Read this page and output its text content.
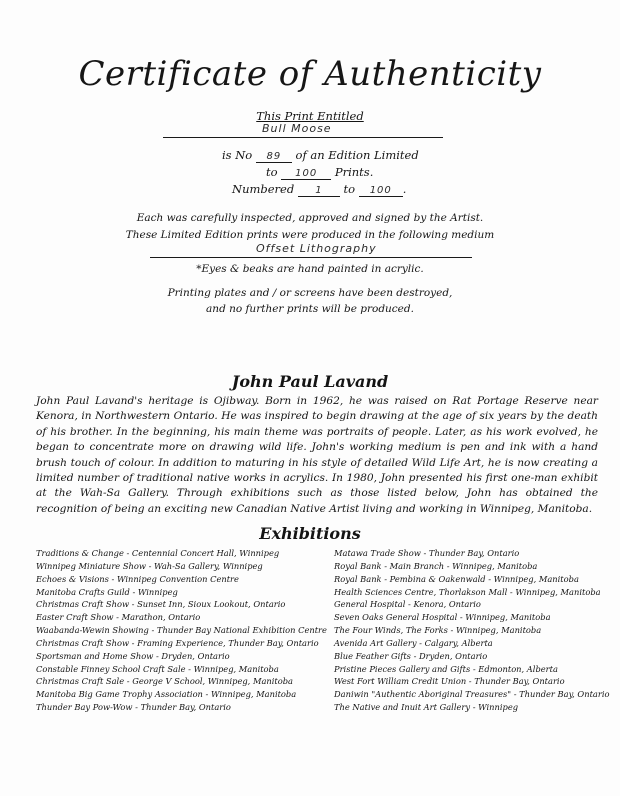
Certificate of Authenticity
This Print Entitled
Bull Moose
is No 89 of an Edition Limited
to 100 Prints.
Numbered 1 to 100 .
Each was carefully inspected, approved and signed by the Artist.
These Limited Edition prints were produced in the following medium
Offset Lithography
*Eyes & beaks are hand painted in acrylic.
Printing plates and / or screens have been destroyed,
and no further prints will be produced.
John Paul Lavand
John Paul Lavand's heritage is Ojibway. Born in 1962, he was raised on Rat Portage Reserve near Kenora, in Northwestern Ontario. He was inspired to begin drawing at the age of six years by the death of his brother. In the beginning, his main theme was portraits of people. Later, as his work evolved, he began to concentrate more on drawing wild life. John's working medium is pen and ink with a hand brush touch of colour. In addition to maturing in his style of detailed Wild Life Art, he is now creating a limited number of traditional native works in acrylics. In 1980, John presented his first one-man exhibit at the Wah-Sa Gallery. Through exhibitions such as those listed below, John has obtained the recognition of being an exciting new Canadian Native Artist living and working in Winnipeg, Manitoba.
Exhibitions
Traditions & Change - Centennial Concert Hall, Winnipeg
Winnipeg Miniature Show - Wah-Sa Gallery, Winnipeg
Echoes & Visions - Winnipeg Convention Centre
Manitoba Crafts Guild - Winnipeg
Christmas Craft Show - Sunset Inn, Sioux Lookout, Ontario
Easter Craft Show - Marathon, Ontario
Waabanda-Wewin Showing - Thunder Bay National Exhibition Centre
Christmas Craft Show - Framing Experience, Thunder Bay, Ontario
Sportsman and Home Show - Dryden, Ontario
Constable Finney School Craft Sale - Winnipeg, Manitoba
Christmas Craft Sale - George V School, Winnipeg, Manitoba
Manitoba Big Game Trophy Association - Winnipeg, Manitoba
Thunder Bay Pow-Wow - Thunder Bay, Ontario
Matawa Trade Show - Thunder Bay, Ontario
Royal Bank - Main Branch - Winnipeg, Manitoba
Royal Bank - Pembina & Oakenwald - Winnipeg, Manitoba
Health Sciences Centre, Thorlakson Mall - Winnipeg, Manitoba
General Hospital - Kenora, Ontario
Seven Oaks General Hospital - Winnipeg, Manitoba
The Four Winds, The Forks - Winnipeg, Manitoba
Avenida Art Gallery - Calgary, Alberta
Blue Feather Gifts - Dryden, Ontario
Pristine Pieces Gallery and Gifts - Edmonton, Alberta
West Fort William Credit Union - Thunder Bay, Ontario
Daniwin "Authentic Aboriginal Treasures" - Thunder Bay, Ontario
The Native and Inuit Art Gallery - Winnipeg
